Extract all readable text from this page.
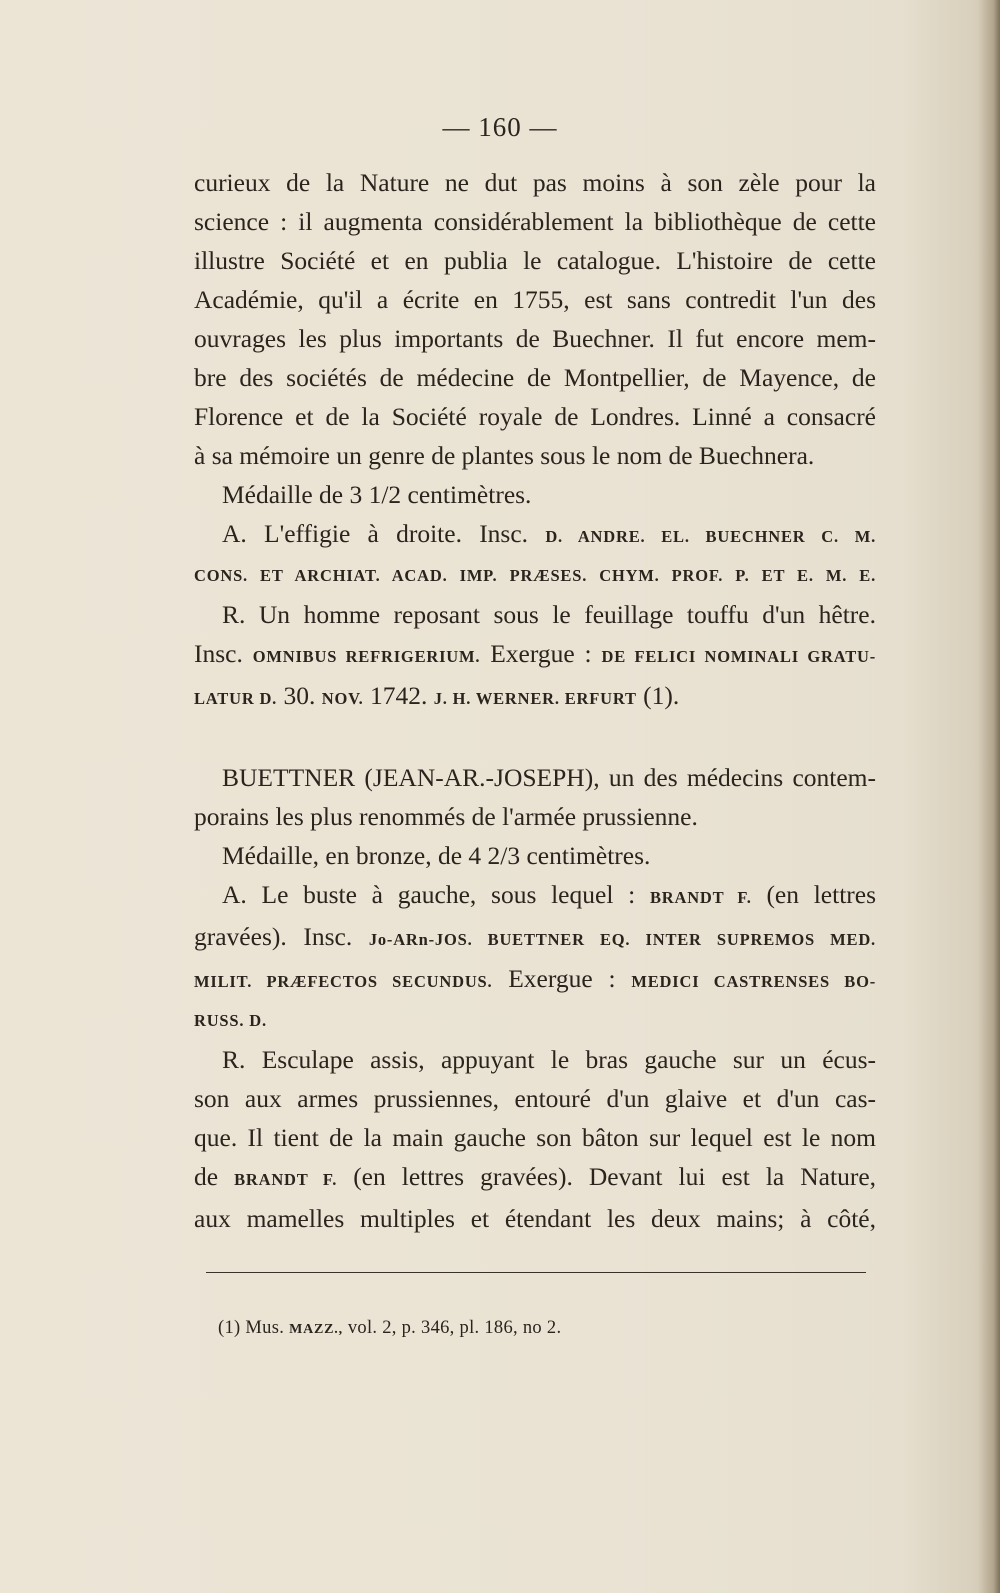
— 160 —
curieux de la Nature ne dut pas moins à son zèle pour la
science : il augmenta considérablement la bibliothèque de cette
illustre Société et en publia le catalogue. L'histoire de cette
Académie, qu'il a écrite en 1755, est sans contredit l'un des
ouvrages les plus importants de Buechner. Il fut encore mem-
bre des sociétés de médecine de Montpellier, de Mayence, de
Florence et de la Société royale de Londres. Linné a consacré
à sa mémoire un genre de plantes sous le nom de Buechnera.
Médaille de 3 1/2 centimètres.
A. L'effigie à droite. Insc. D. ANDRE. EL. BUECHNER C. M.
CONS. ET ARCHIAT. ACAD. IMP. PRÆSES. CHYM. PROF. P. ET E. M. E.
R. Un homme reposant sous le feuillage touffu d'un hêtre.
Insc. OMNIBUS REFRIGERIUM. Exergue : DE FELICI NOMINALI GRATU-
LATUR D. 30. NOV. 1742. J. H. WERNER. ERFURT (1).
BUETTNER (JEAN-AR.-JOSEPH), un des médecins contem-
porains les plus renommés de l'armée prussienne.
Médaille, en bronze, de 4 2/3 centimètres.
A. Le buste à gauche, sous lequel : BRANDT F. (en lettres
gravées). Insc. Jo-ARn-JOS. BUETTNER EQ. INTER SUPREMOS MED.
MILIT. PRÆFECTOS SECUNDUS. Exergue : MEDICI CASTRENSES BO-
RUSS. D.
R. Esculape assis, appuyant le bras gauche sur un écus-
son aux armes prussiennes, entouré d'un glaive et d'un cas-
que. Il tient de la main gauche son bâton sur lequel est le nom
de BRANDT F. (en lettres gravées). Devant lui est la Nature,
aux mamelles multiples et étendant les deux mains; à côté,
(1) Mus. MAZZ., vol. 2, p. 346, pl. 186, no 2.
